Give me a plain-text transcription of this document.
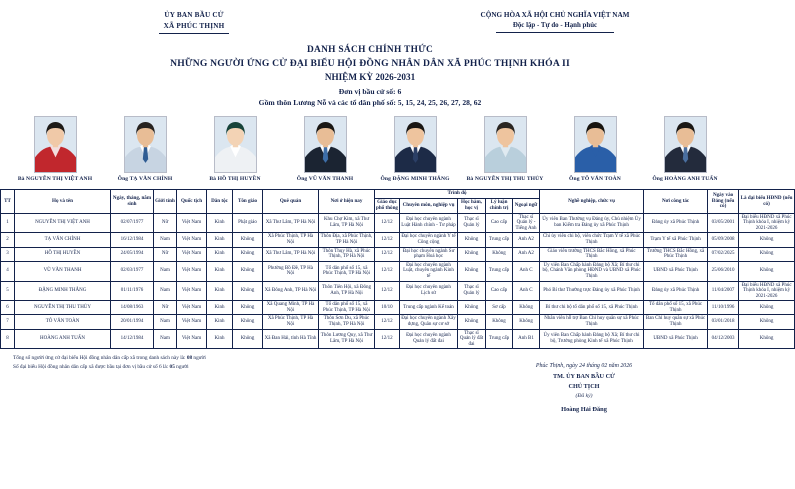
ỦY BAN BẦU CỬ
XÃ PHÚC THỊNH
CỘNG HÒA XÃ HỘI CHỦ NGHĨA VIỆT NAM
Độc lập - Tự do - Hạnh phúc
DANH SÁCH CHÍNH THỨC
NHỮNG NGƯỜI ỨNG CỬ ĐẠI BIỂU HỘI ĐỒNG NHÂN DÂN XÃ PHÚC THỊNH KHÓA II
NHIỆM KỲ 2026-2031
Đơn vị bầu cử số: 6
Gồm thôn Lương Nỗ và các tổ dân phố số: 5, 15, 24, 25, 26, 27, 28, 62
Bà NGUYỄN THỊ VIỆT ANH	Ông TẠ VĂN CHÍNH	Bà HỒ THỊ HUYỀN	Ông VŨ VĂN THANH	Ông ĐẶNG MINH THẮNG	Bà NGUYỄN THỊ THU THỦY	Ông TÔ VĂN TOÀN	Ông HOÀNG ANH TUẤN
TT	Họ và tên	Ngày, tháng, năm sinh	Giới tính	Quốc tịch	Dân tộc	Tôn giáo	Quê quán	Nơi ở hiện nay	Trình độ					Nghề nghiệp, chức vụ	Nơi công tác	Ngày vào Đảng (nếu có)	Là đại biểu HĐND (nếu có)
									Giáo dục phổ thông	Chuyên môn, nghiệp vụ	Học hàm, học vị	Lý luận chính trị	Ngoại ngữ				
1	NGUYỄN THỊ VIỆT ANH	02/07/1977	Nữ	Việt Nam	Kinh	Phật giáo	Xã Thư Lâm, TP Hà Nội	Khu Chợ Kim, xã Thư Lâm, TP Hà Nội	12/12	Đại học chuyên ngành Luật Hành chính - Tư pháp	Thạc sĩ Quản lý	Cao cấp	Thạc sĩ Quản lý - Tiếng Anh	Ủy viên Ban Thường vụ Đảng ủy, Chủ nhiệm Ủy ban Kiểm tra Đảng ủy xã Phúc Thịnh	Đảng ủy xã Phúc Thịnh	03/05/2001	Đại biểu HĐND xã Phúc Thịnh khóa I, nhiệm kỳ 2021-2026
2	TẠ VĂN CHÍNH	16/12/1984	Nam	Việt Nam	Kinh	Không	Xã Phúc Thịnh, TP Hà Nội	Thôn Địa, xã Phúc Thịnh, TP Hà Nội	12/12	Đại học chuyên ngành Y tế Công cộng	Không	Trung cấp	Anh A2	Chi ủy viên chi bộ, viên chức Trạm Y tế xã Phúc Thịnh	Trạm Y tế xã Phúc Thịnh	05/09/2008	Không
3	HỒ THỊ HUYỀN	24/05/1994	Nữ	Việt Nam	Kinh	Không	Xã Thư Lâm, TP Hà Nội	Thôn Thụy Hà, xã Phúc Thịnh, TP Hà Nội	12/12	Đại học chuyên ngành Sư phạm Hoá học	Không	Không	Anh A2	Giáo viên trường THCS Bắc Hồng, xã Phúc Thịnh	Trường THCS Bắc Hồng, xã Phúc Thịnh	07/02/2025	Không
4	VŨ VĂN THANH	02/03/1977	Nam	Việt Nam	Kinh	Không	Phường Bồ Đề, TP Hà Nội	Tổ dân phố số 15, xã Phúc Thịnh, TP Hà Nội	12/12	Đại học chuyên ngành Luật, chuyên ngành Kinh tế	Không	Trung cấp	Anh C	Ủy viên Ban Chấp hành Đảng bộ Xã; Bí thư chi bộ, Chánh Văn phòng HĐND và UBND xã Phúc Thịnh	UBND xã Phúc Thịnh	25/06/2010	Không
5	ĐẶNG MINH THẮNG	01/11/1976	Nam	Việt Nam	Kinh	Không	Xã Đông Anh, TP Hà Nội	Thôn Tiên Hội, xã Đông Anh, TP Hà Nội	12/12	Đại học chuyên ngành Lịch sử	Thạc sĩ Quản lý	Cao cấp	Anh C	Phó Bí thư Thường trực Đảng ủy xã Phúc Thịnh	Đảng ủy xã Phúc Thịnh	11/04/2007	Đại biểu HĐND xã Phúc Thịnh khóa I, nhiệm kỳ 2021-2026
6	NGUYỄN THỊ THU THỦY	14/08/1963	Nữ	Việt Nam	Kinh	Không	Xã Quang Minh, TP Hà Nội	Tổ dân phố số 15, xã Phúc Thịnh, TP Hà Nội	10/10	Trung cấp ngành Kế toán	Không	Sơ cấp	Không	Bí thư chi bộ tổ dân phố số 15, xã Phúc Thịnh	Tổ dân phố số 15, xã Phúc Thịnh	11/10/1996	Không
7	TÔ VĂN TOÀN	20/01/1994	Nam	Việt Nam	Kinh	Không	Xã Phúc Thịnh, TP Hà Nội	Thôn Sơn Du, xã Phúc Thịnh, TP Hà Nội	12/12	Đại học chuyên ngành Xây dựng, Quân sự cơ sở	Không	Không	Không	Nhân viên hỗ trợ Ban Chỉ huy quân sự xã Phúc Thịnh	Ban Chỉ huy quân sự xã Phúc Thịnh	03/01/2018	Không
8	HOÀNG ANH TUẤN	14/12/1984	Nam	Việt Nam	Kinh	Không	Xã Đan Hải, tỉnh Hà Tĩnh	Thôn Lương Quy, xã Thư Lâm, TP Hà Nội	12/12	Đại học chuyên ngành Quản lý đất đai	Thạc sĩ Quản lý đất đai	Trung cấp	Anh B1	Ủy viên Ban Chấp hành Đảng bộ Xã; Bí thư chi bộ, Trưởng phòng Kinh tế xã Phúc Thịnh	UBND xã Phúc Thịnh	04/12/2003	Không
Tổng số người ứng cử đại biểu Hội đồng nhân dân cấp xã trong danh sách này là: 08 người
Số đại biểu Hội đồng nhân dân cấp xã được bầu tại đơn vị bầu cử số 6 là: 05 người	Phúc Thịnh, ngày 24 tháng 02 năm 2026
TM. ỦY BAN BẦU CỬ
CHỦ TỊCH
(Đã ký)
Hoàng Hải Đăng
